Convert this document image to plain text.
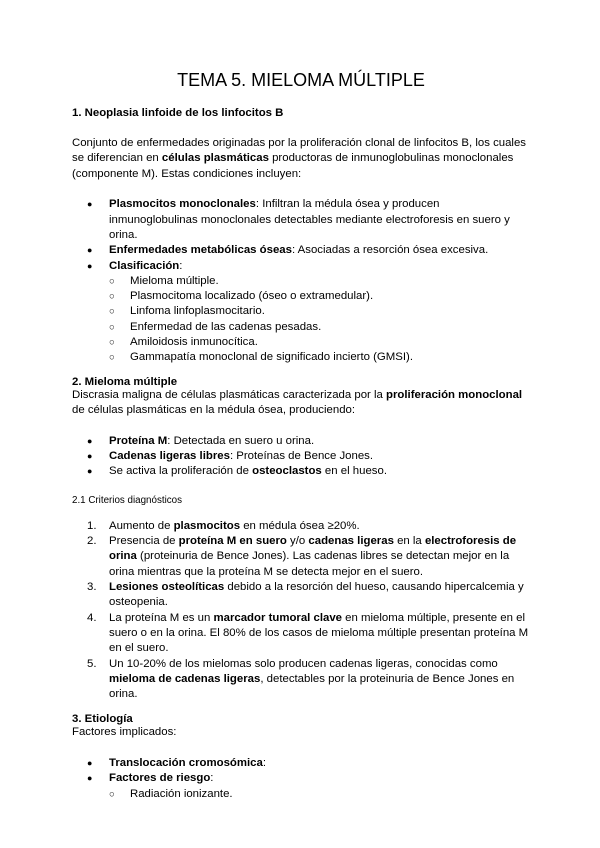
TEMA 5. MIELOMA MÚLTIPLE
1. Neoplasia linfoide de los linfocitos B

Conjunto de enfermedades originadas por la proliferación clonal de linfocitos B, los cuales se diferencian en células plasmáticas productoras de inmunoglobulinas monoclonales (componente M). Estas condiciones incluyen:

● Plasmocitos monoclonales: Infiltran la médula ósea y producen inmunoglobulinas monoclonales detectables mediante electroforesis en suero y orina.
● Enfermedades metabólicas óseas: Asociadas a resorción ósea excesiva.
● Clasificación:
○ Mieloma múltiple.
○ Plasmocitoma localizado (óseo o extramedular).
○ Linfoma linfoplasmocitario.
○ Enfermedad de las cadenas pesadas.
○ Amiloidosis inmunocítica.
○ Gammapatía monoclonal de significado incierto (GMSI).
2. Mieloma múltiple

Discrasia maligna de células plasmáticas caracterizada por la proliferación monoclonal de células plasmáticas en la médula ósea, produciendo:

● Proteína M: Detectada en suero u orina.
● Cadenas ligeras libres: Proteínas de Bence Jones.
● Se activa la proliferación de osteoclastos en el hueso.
2.1 Criterios diagnósticos
1. Aumento de plasmocitos en médula ósea ≥20%.
2. Presencia de proteína M en suero y/o cadenas ligeras en la electroforesis de orina (proteinuria de Bence Jones). Las cadenas libres se detectan mejor en la orina mientras que la proteína M se detecta mejor en el suero.
3. Lesiones osteolíticas debido a la resorción del hueso, causando hipercalcemia y osteopenia.
4. La proteína M es un marcador tumoral clave en mieloma múltiple, presente en el suero o en la orina. El 80% de los casos de mieloma múltiple presentan proteína M en el suero.
5. Un 10-20% de los mielomas solo producen cadenas ligeras, conocidas como mieloma de cadenas ligeras, detectables por la proteinuria de Bence Jones en orina.
3. Etiología

Factores implicados:

● Translocación cromosómica:
● Factores de riesgo:
○ Radiación ionizante.
